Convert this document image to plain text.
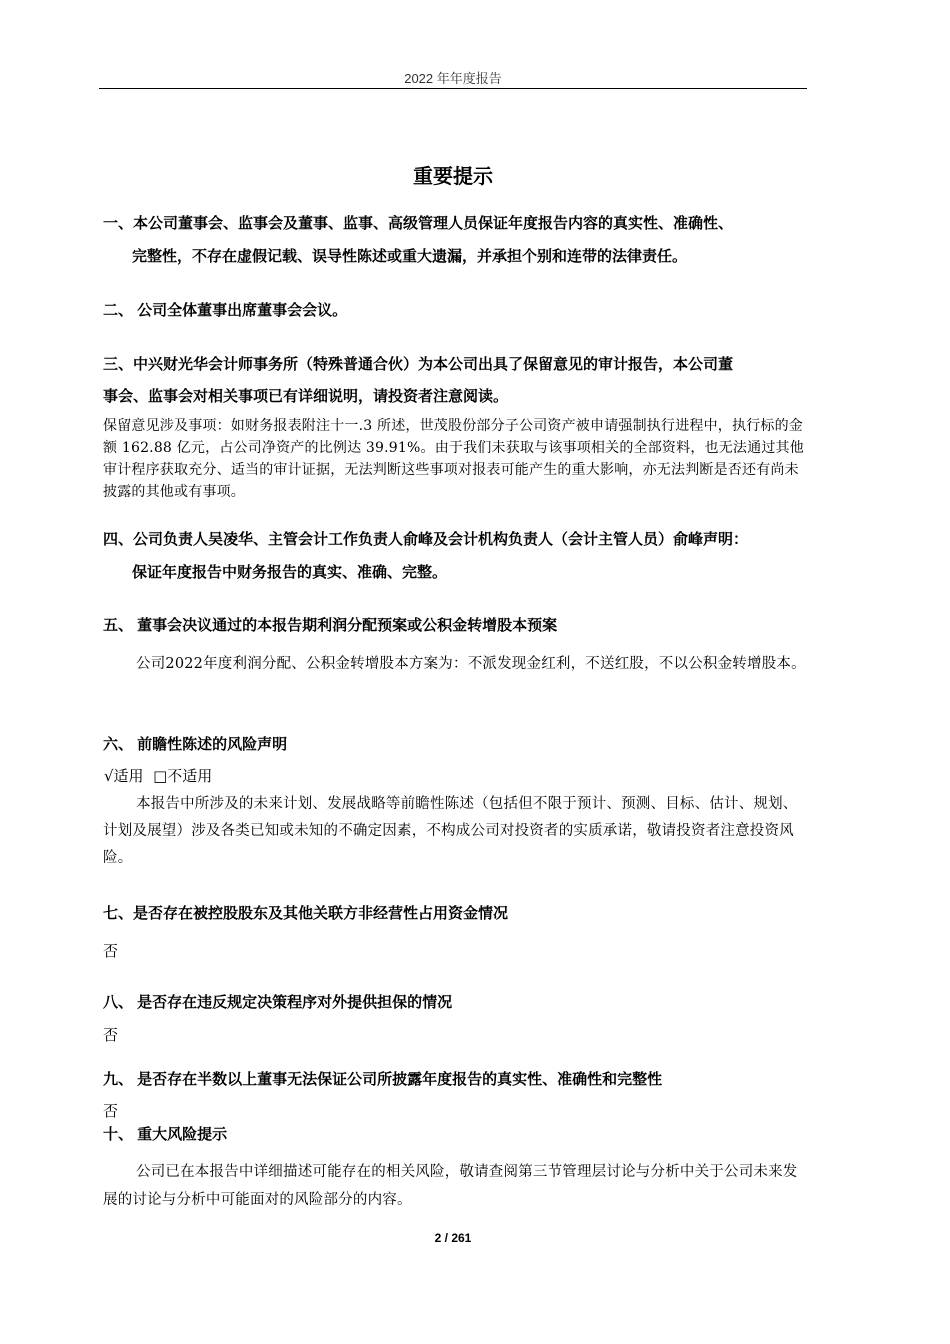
2022 年年度报告
重要提示
一、本公司董事会、监事会及董事、监事、高级管理人员保证年度报告内容的真实性、准确性、
完整性，不存在虚假记载、误导性陈述或重大遗漏，并承担个别和连带的法律责任。
二、 公司全体董事出席董事会会议。
三、中兴财光华会计师事务所（特殊普通合伙）为本公司出具了保留意见的审计报告，本公司董
事会、监事会对相关事项已有详细说明，请投资者注意阅读。
保留意见涉及事项：如财务报表附注十一.3 所述，世茂股份部分子公司资产被申请强制执行进程中，执行标的金额 162.88 亿元，占公司净资产的比例达 39.91%。由于我们未获取与该事项相关的全部资料，也无法通过其他审计程序获取充分、适当的审计证据，无法判断这些事项对报表可能产生的重大影响，亦无法判断是否还有尚未披露的其他或有事项。
四、公司负责人吴凌华、主管会计工作负责人俞峰及会计机构负责人（会计主管人员）俞峰声明：
保证年度报告中财务报告的真实、准确、完整。
五、 董事会决议通过的本报告期利润分配预案或公积金转增股本预案
公司2022年度利润分配、公积金转增股本方案为：不派发现金红利，不送红股，不以公积金转增股本。
六、 前瞻性陈述的风险声明
√适用 □不适用
本报告中所涉及的未来计划、发展战略等前瞻性陈述（包括但不限于预计、预测、目标、估计、规划、计划及展望）涉及各类已知或未知的不确定因素，不构成公司对投资者的实质承诺，敬请投资者注意投资风险。
七、是否存在被控股股东及其他关联方非经营性占用资金情况
否
八、 是否存在违反规定决策程序对外提供担保的情况
否
九、 是否存在半数以上董事无法保证公司所披露年度报告的真实性、准确性和完整性
否
十、 重大风险提示
公司已在本报告中详细描述可能存在的相关风险，敬请查阅第三节管理层讨论与分析中关于公司未来发展的讨论与分析中可能面对的风险部分的内容。
2 / 261
